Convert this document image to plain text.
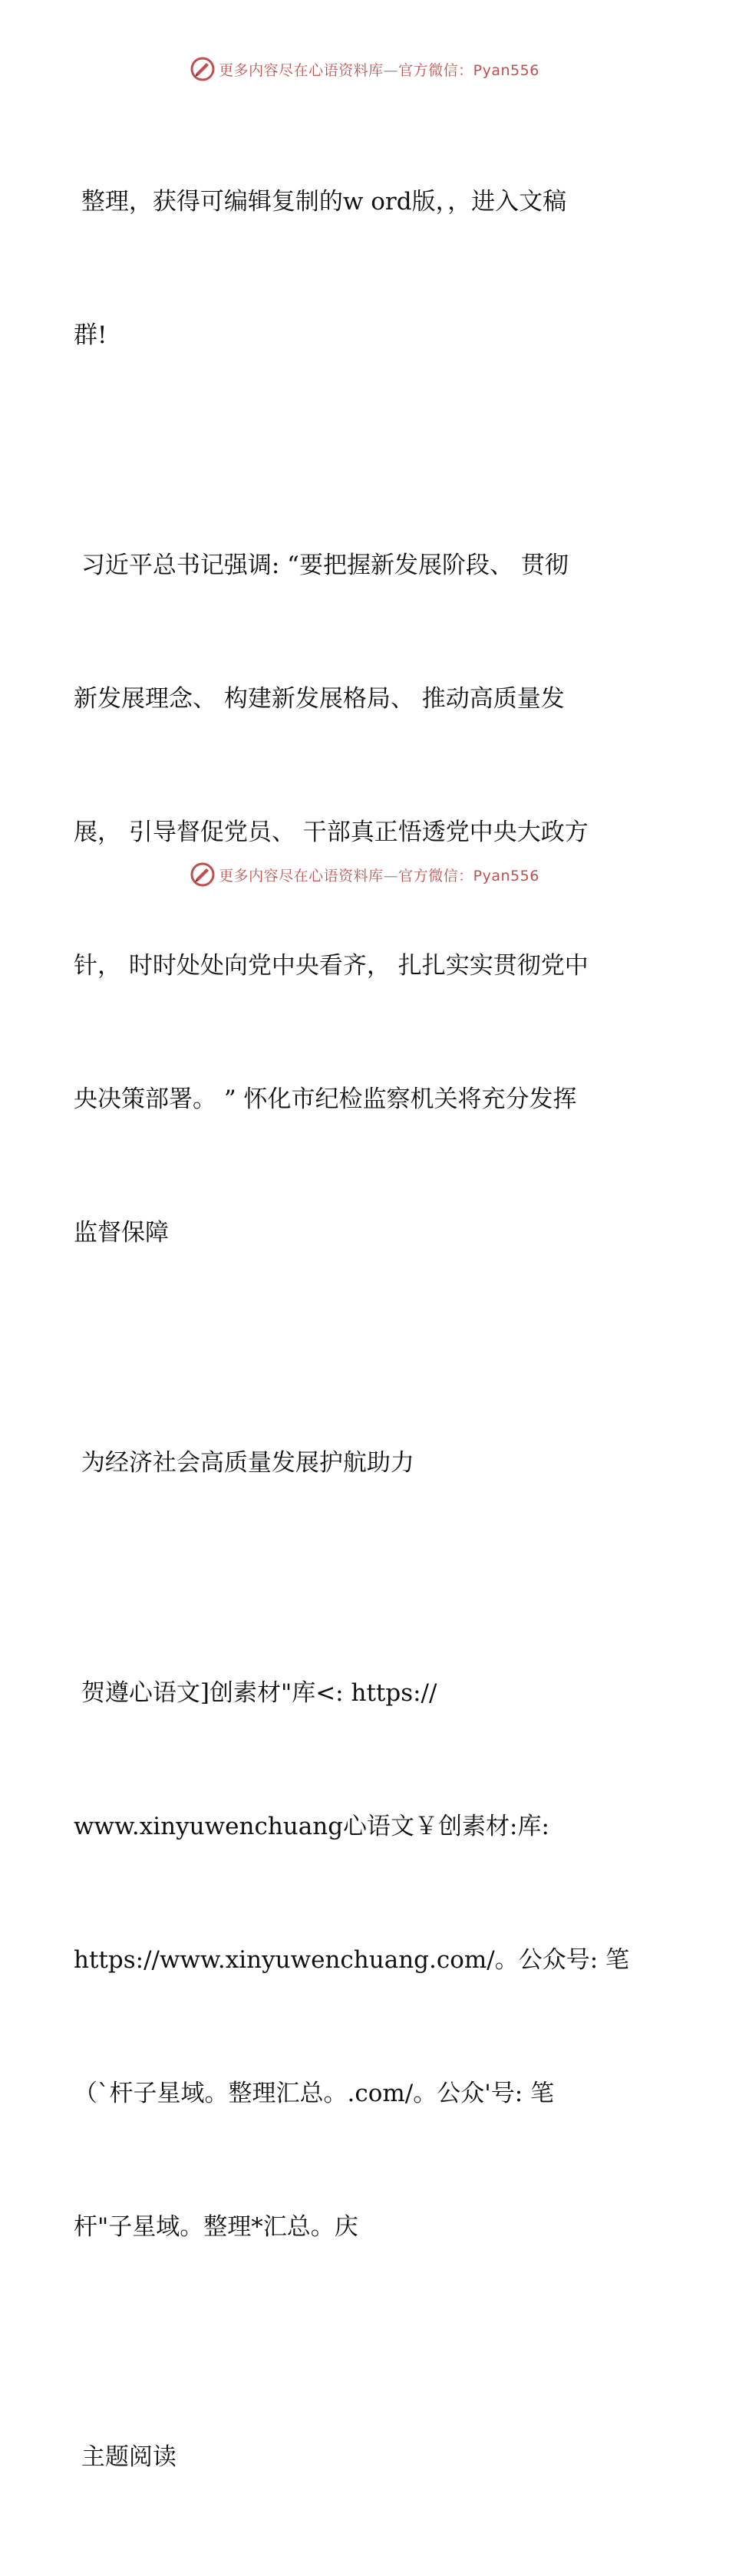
更多内容尽在心语资料库—官方微信：Pyan556

整理，获得可编辑复制的w ord版，，进入文稿

群!

习近平总书记强调: “要把握新发展阶段、 贯彻

新发展理念、 构建新发展格局、 推动高质量发

展， 引导督促党员、 干部真正悟透党中央大政方

针， 时时处处向党中央看齐， 扎扎实实贯彻党中

央决策部署。 ” 怀化市纪检监察机关将充分发挥

监督保障

为经济社会高质量发展护航助力

贺遵心语文]创素材"库<: https://

www.xinyuwenchuang心语文￥创素材:库:

https://www.xinyuwenchuang.com/。公众号: 笔

（`杆子星域。整理汇总。.com/。公众'号: 笔

杆"子星域。整理*汇总。庆

主题阅读

更多内容尽在心语资料库—官方微信：Pyan556
